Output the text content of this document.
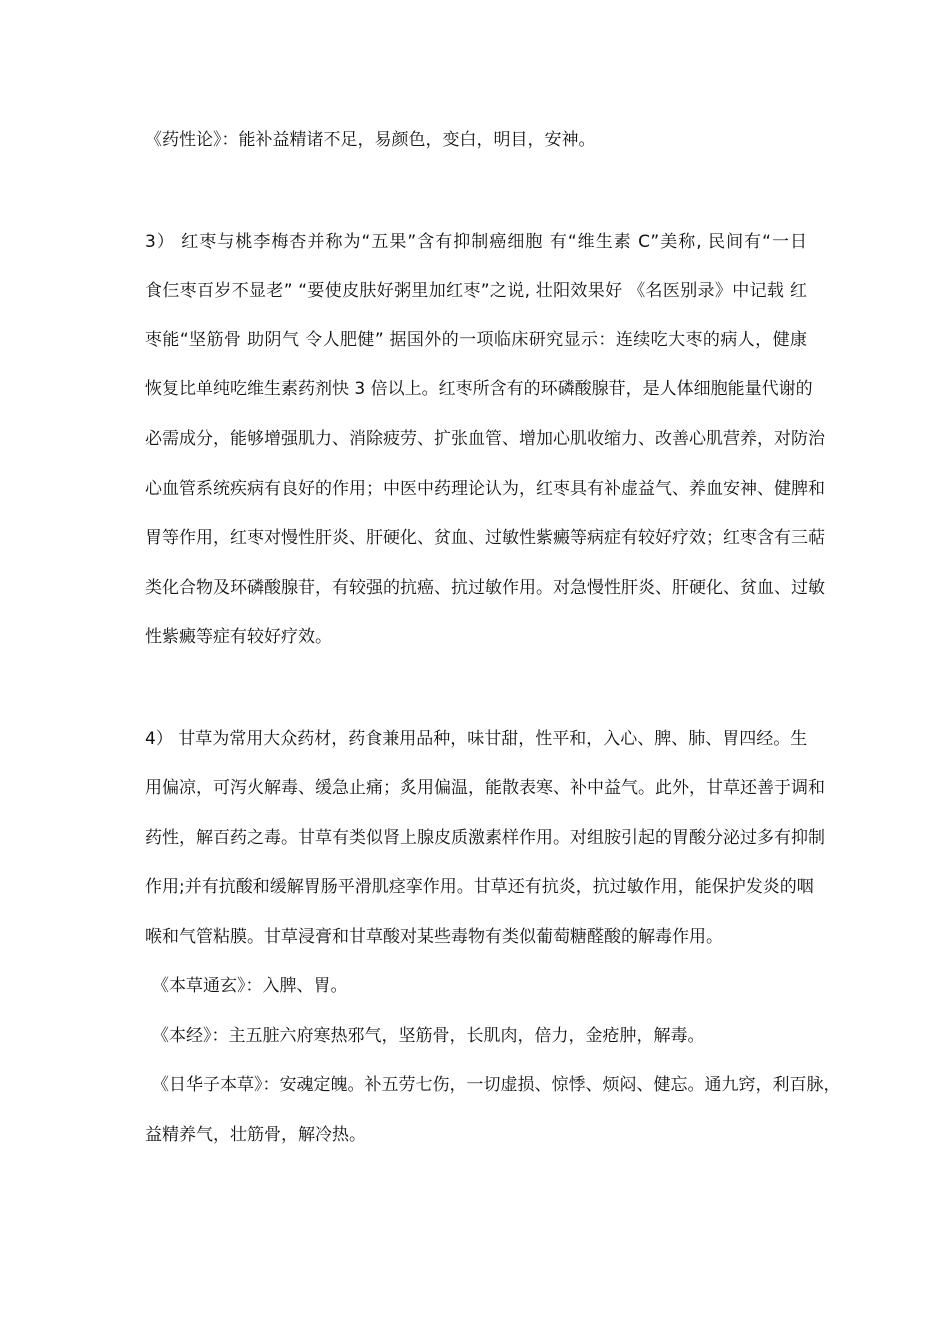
《药性论》：能补益精诸不足，易颜色，变白，明目，安神。
3） 红枣与桃李梅杏并称为“五果”含有抑制癌细胞 有“维生素 C”美称, 民间有“一日
食仨枣百岁不显老” “要使皮肤好粥里加红枣”之说, 壮阳效果好 《名医别录》中记载 红
枣能“坚筋骨 助阴气 令人肥健” 据国外的一项临床研究显示：连续吃大枣的病人，健康
恢复比单纯吃维生素药剂快 3 倍以上。红枣所含有的环磷酸腺苷，是人体细胞能量代谢的
必需成分，能够增强肌力、消除疲劳、扩张血管、增加心肌收缩力、改善心肌营养，对防治
心血管系统疾病有良好的作用；中医中药理论认为，红枣具有补虚益气、养血安神、健脾和
胃等作用，红枣对慢性肝炎、肝硬化、贫血、过敏性紫癜等病症有较好疗效；红枣含有三萜
类化合物及环磷酸腺苷，有较强的抗癌、抗过敏作用。对急慢性肝炎、肝硬化、贫血、过敏
性紫癜等症有较好疗效。
4） 甘草为常用大众药材，药食兼用品种，味甘甜，性平和，入心、脾、肺、胃四经。生
用偏凉，可泻火解毒、缓急止痛；炙用偏温，能散表寒、补中益气。此外，甘草还善于调和
药性，解百药之毒。甘草有类似肾上腺皮质激素样作用。对组胺引起的胃酸分泌过多有抑制
作用;并有抗酸和缓解胃肠平滑肌痉挛作用。甘草还有抗炎，抗过敏作用，能保护发炎的咽
喉和气管粘膜。甘草浸膏和甘草酸对某些毒物有类似葡萄糖醛酸的解毒作用。
《本草通玄》：入脾、胃。
《本经》：主五脏六府寒热邪气，坚筋骨，长肌肉，倍力，金疮肿，解毒。
《日华子本草》：安魂定魄。补五劳七伤，一切虚损、惊悸、烦闷、健忘。通九窍，利百脉，
益精养气，壮筋骨，解冷热。
